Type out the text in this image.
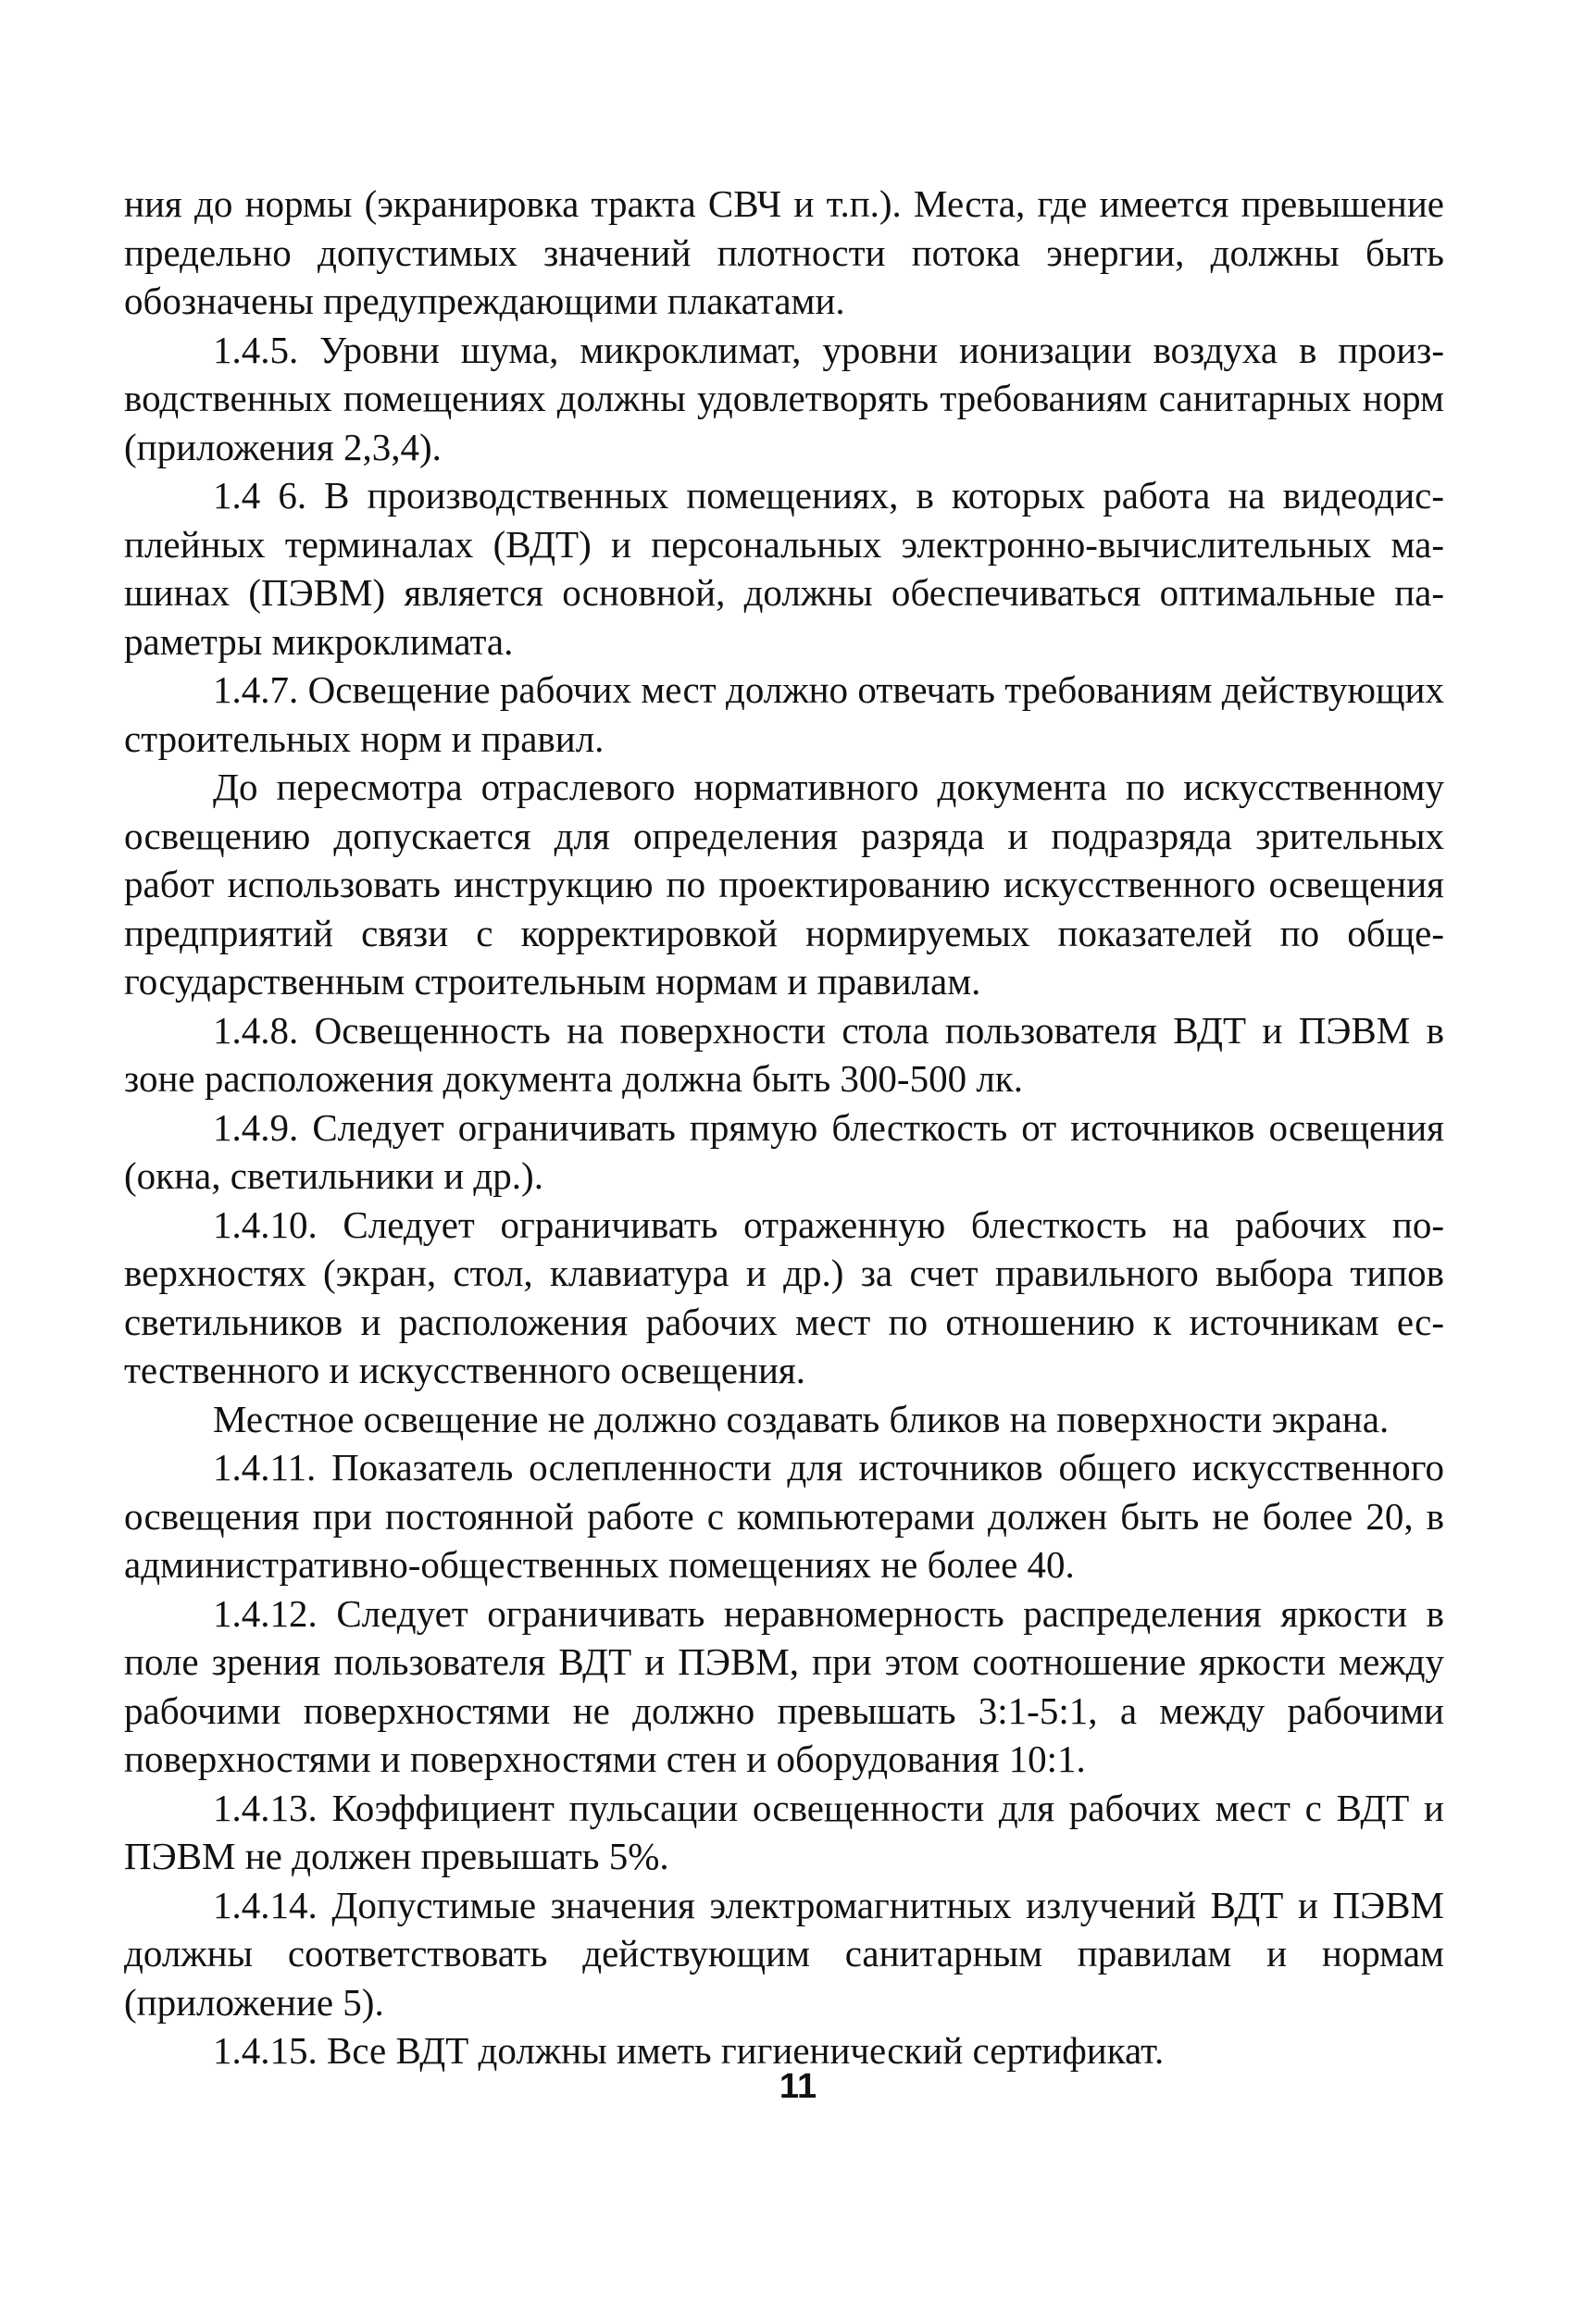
ния до нормы (экранировка тракта СВЧ и т.п.). Места, где имеется превышение предельно допустимых значений плотности потока энергии, должны быть обозначены предупреждающими плакатами.

1.4.5. Уровни шума, микроклимат, уровни ионизации воздуха в производственных помещениях должны удовлетворять требованиям санитарных норм (приложения 2,3,4).

1.4 6. В производственных помещениях, в которых работа на видеодисплейных терминалах (ВДТ) и персональных электронно-вычислительных машинах (ПЭВМ) является основной, должны обеспечиваться оптимальные параметры микроклимата.

1.4.7. Освещение рабочих мест должно отвечать требованиям действующих строительных норм и правил.

До пересмотра отраслевого нормативного документа по искусственному освещению допускается для определения разряда и подразряда зрительных работ использовать инструкцию по проектированию искусственного освещения предприятий связи с корректировкой нормируемых показателей по общегосударственным строительным нормам и правилам.

1.4.8. Освещенность на поверхности стола пользователя ВДТ и ПЭВМ в зоне расположения документа должна быть 300-500 лк.

1.4.9. Следует ограничивать прямую блесткость от источников освещения (окна, светильники и др.).

1.4.10. Следует ограничивать отраженную блесткость на рабочих поверхностях (экран, стол, клавиатура и др.) за счет правильного выбора типов светильников и расположения рабочих мест по отношению к источникам естественного и искусственного освещения.

Местное освещение не должно создавать бликов на поверхности экрана.

1.4.11. Показатель ослепленности для источников общего искусственного освещения при постоянной работе с компьютерами должен быть не более 20, в административно-общественных помещениях не более 40.

1.4.12. Следует ограничивать неравномерность распределения яркости в поле зрения пользователя ВДТ и ПЭВМ, при этом соотношение яркости между рабочими поверхностями не должно превышать 3:1-5:1, а между рабочими поверхностями и поверхностями стен и оборудования 10:1.

1.4.13. Коэффициент пульсации освещенности для рабочих мест с ВДТ и ПЭВМ не должен превышать 5%.

1.4.14. Допустимые значения электромагнитных излучений ВДТ и ПЭВМ должны соответствовать действующим санитарным правилам и нормам (приложение 5).

1.4.15. Все ВДТ должны иметь гигиенический сертификат.

11
